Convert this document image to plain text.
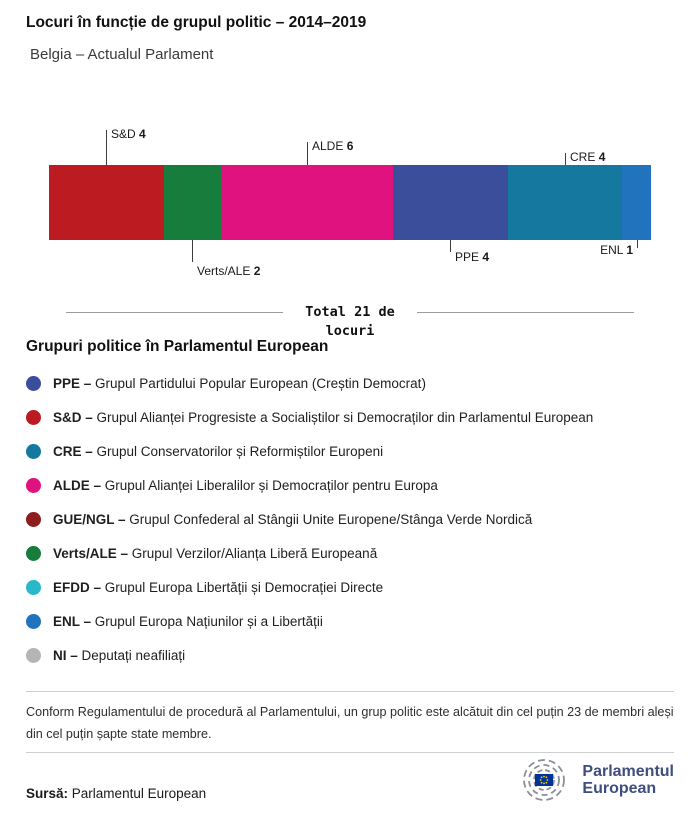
Locuri în funcție de grupul politic – 2014–2019
Belgia – Actualul Parlament
S&D 4
Verts/ALE 2
ALDE 6
PPE 4
CRE 4
ENL 1
Total 21 de
locuri
Grupuri politice în Parlamentul European
PPE – Grupul Partidului Popular European (Creștin Democrat)
S&D – Grupul Alianței Progresiste a Socialiștilor si Democraților din Parlamentul European
CRE – Grupul Conservatorilor și Reformiștilor Europeni
ALDE – Grupul Alianței Liberalilor și Democraților pentru Europa
GUE/NGL – Grupul Confederal al Stângii Unite Europene/Stânga Verde Nordică
Verts/ALE – Grupul Verzilor/Alianța Liberă Europeană
EFDD – Grupul Europa Libertății și Democrației Directe
ENL – Grupul Europa Națiunilor și a Libertății
NI – Deputați neafiliați

Conform Regulamentului de procedură al Parlamentului, un grup politic este alcătuit din cel puțin 23 de membri aleși din cel puțin șapte state membre.

Sursă: Parlamentul European
Parlamentul
European
